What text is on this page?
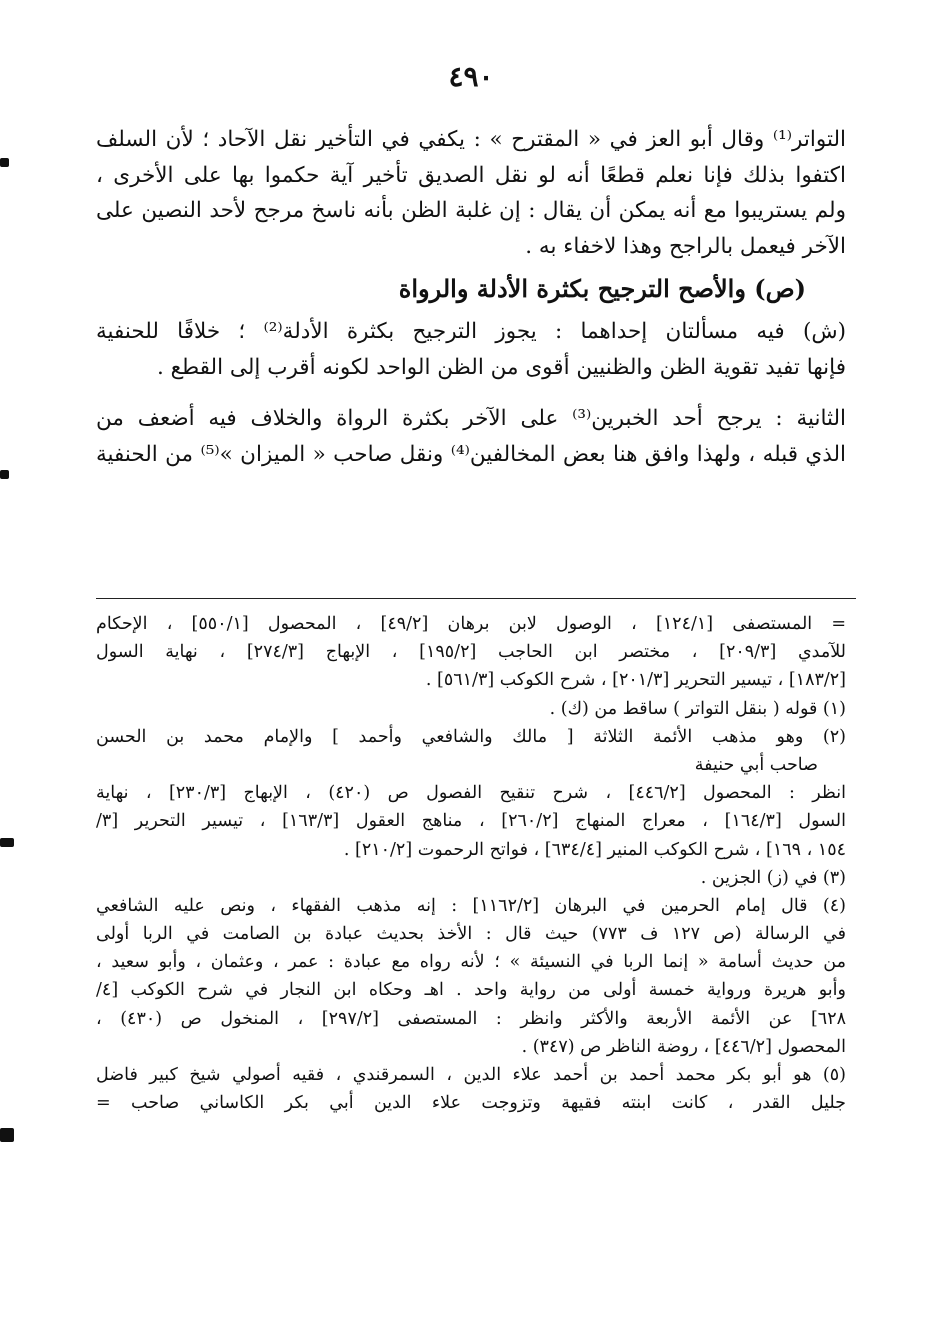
٤٩٠
التواتر⁽¹⁾ وقال أبو العز في « المقترح » : يكفي في التأخير نقل الآحاد ؛ لأن السلف
اكتفوا بذلك فإنا نعلم قطعًا أنه لو نقل الصديق تأخير آية حكموا بها على الأخرى ،
ولم يستريبوا مع أنه يمكن أن يقال : إن غلبة الظن بأنه ناسخ مرجح لأحد النصين على
الآخر فيعمل بالراجح وهذا لاخفاء به .
(ص) والأصح الترجيح بكثرة الأدلة والرواة
(ش) فيه مسألتان إحداهما : يجوز الترجيح بكثرة الأدلة⁽²⁾ ؛ خلافًا للحنفية
فإنها تفيد تقوية الظن والظنيين أقوى من الظن الواحد لكونه أقرب إلى القطع .
الثانية : يرجح أحد الخبرين⁽³⁾ على الآخر بكثرة الرواة والخلاف فيه أضعف من
الذي قبله ، ولهذا وافق هنا بعض المخالفين⁽⁴⁾ ونقل صاحب « الميزان »⁽⁵⁾ من الحنفية
= المستصفى [١٢٤/١] ، الوصول لابن برهان [٤٩/٢] ، المحصول [٥٥٠/١] ، الإحكام
للآمدي [٢٠٩/٣] ، مختصر ابن الحاجب [١٩٥/٢] ، الإبهاج [٢٧٤/٣] ، نهاية السول
[١٨٣/٢] ، تيسير التحرير [٢٠١/٣] ، شرح الكوكب [٥٦١/٣] .
(١) قوله ( بنقل التواتر ) ساقط من (ك) .
(٢) وهو مذهب الأئمة الثلاثة [ مالك والشافعي وأحمد ] والإمام محمد بن الحسن
صاحب أبي حنيفة
انظر : المحصول [٤٤٦/٢] ، شرح تنقيح الفصول ص (٤٢٠) ، الإبهاج [٢٣٠/٣] ، نهاية
السول [١٦٤/٣] ، معراج المنهاج [٢٦٠/٢] ، مناهج العقول [١٦٣/٣] ، تيسير التحرير [٣/
١٥٤ ، ١٦٩] ، شرح الكوكب المنير [٦٣٤/٤] ، فواتح الرحموت [٢١٠/٢] .
(٣) في (ز) الجزين .
(٤) قال إمام الحرمين في البرهان [١١٦٢/٢] : إنه مذهب الفقهاء ، ونص عليه الشافعي
في الرسالة (ص ١٢٧ ف ٧٧٣) حيث قال : الأخذ بحديث عبادة بن الصامت في الربا أولى
من حديث أسامة « إنما الربا في النسيئة » ؛ لأنه رواه مع عبادة : عمر ، وعثمان ، وأبو سعيد ،
وأبو هريرة ورواية خمسة أولى من رواية واحد . اهـ وحكاه ابن النجار في شرح الكوكب [٤/
٦٢٨] عن الأئمة الأربعة والأكثر وانظر : المستصفى [٢٩٧/٢] ، المنخول ص (٤٣٠) ،
المحصول [٤٤٦/٢] ، روضة الناظر ص (٣٤٧) .
(٥) هو أبو بكر محمد أحمد بن أحمد علاء الدين ، السمرقندي ، فقيه أصولي شيخ كبير فاضل
جليل القدر ، كانت ابنته فقيهة وتزوجت علاء الدين أبي بكر الكاساني صاحب =
